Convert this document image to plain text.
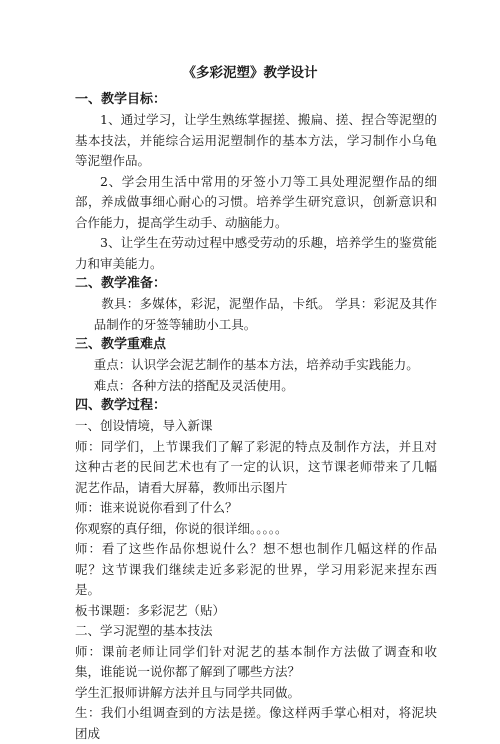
《多彩泥塑》教学设计

一、教学目标：

1、通过学习，让学生熟练掌握搓、搬扁、搓、捏合等泥塑的基本技法，并能综合运用泥塑制作的基本方法，学习制作小乌龟等泥塑作品。

2、学会用生活中常用的牙签小刀等工具处理泥塑作品的细部，养成做事细心耐心的习惯。培养学生研究意识，创新意识和合作能力，提高学生动手、动脑能力。

3、让学生在劳动过程中感受劳动的乐趣，培养学生的鉴赏能力和审美能力。

二、教学准备：

教具：多媒体，彩泥，泥塑作品，卡纸。 学具：彩泥及其作品制作的牙签等辅助小工具。

三、教学重难点

重点：认识学会泥艺制作的基本方法，培养动手实践能力。

难点：各种方法的搭配及灵活使用。

四、教学过程：

一、创设情境，导入新课

师：同学们，上节课我们了解了彩泥的特点及制作方法，并且对这种古老的民间艺术也有了一定的认识，这节课老师带来了几幅泥艺作品，请看大屏幕，教师出示图片

师：谁来说说你看到了什么？

你观察的真仔细，你说的很详细。。。。。

师：看了这些作品你想说什么？想不想也制作几幅这样的作品呢？这节课我们继续走近多彩泥的世界，学习用彩泥来捏东西是。

板书课题：多彩泥艺（贴）

二、学习泥塑的基本技法

师：课前老师让同学们针对泥艺的基本制作方法做了调查和收集，谁能说一说你都了解到了哪些方法？

学生汇报师讲解方法并且与同学共同做。

生：我们小组调查到的方法是搓。像这样两手掌心相对，将泥块团成
